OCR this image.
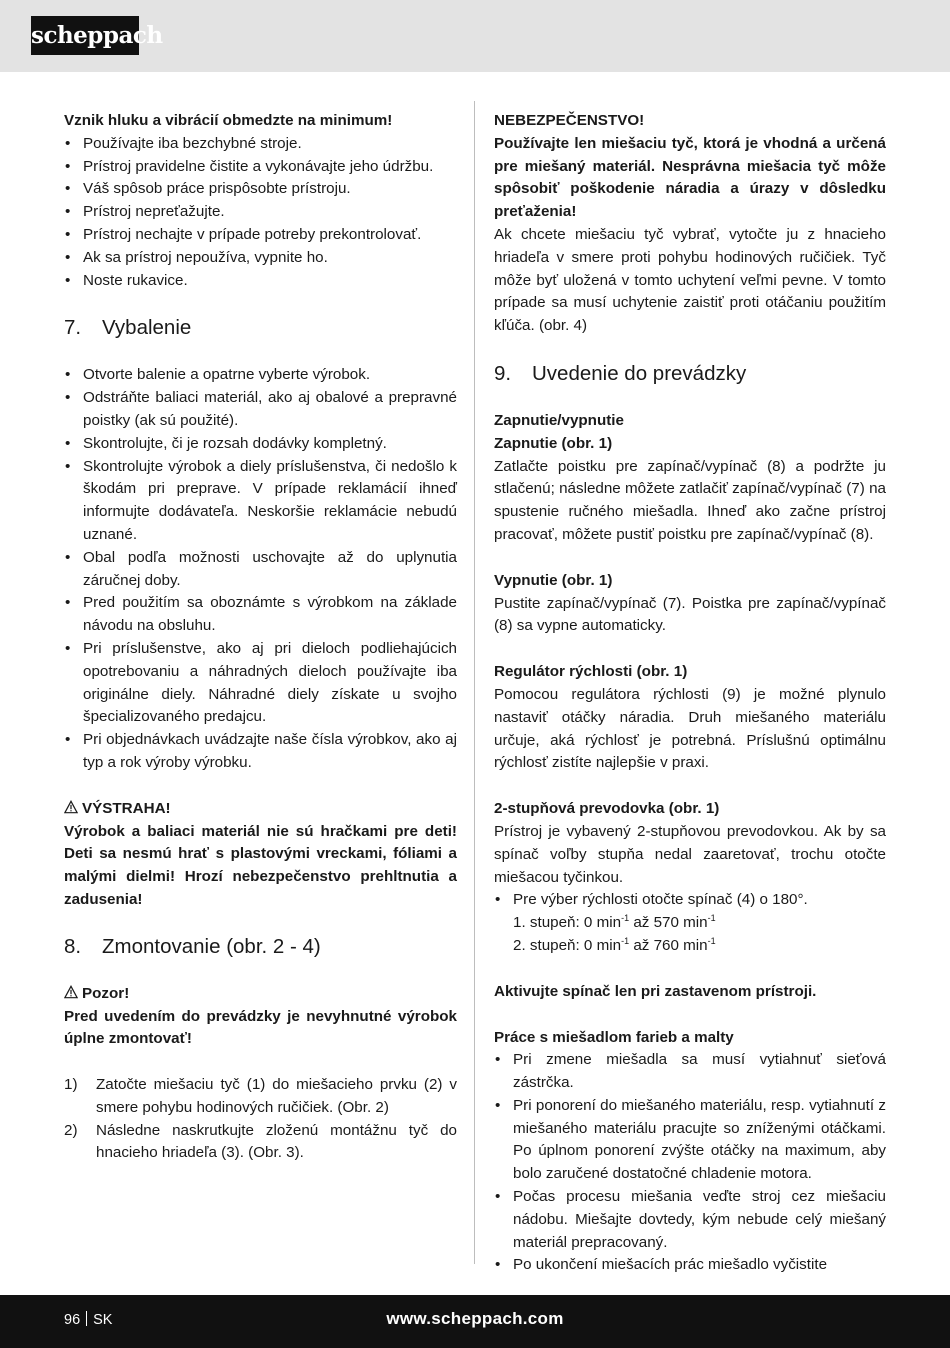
scheppach

Vznik hluku a vibrácií obmedzte na minimum!

• Používajte iba bezchybné stroje.
• Prístroj pravidelne čistite a vykonávajte jeho údržbu.
• Váš spôsob práce prispôsobte prístroju.
• Prístroj nepreťažujte.
• Prístroj nechajte v prípade potreby prekontrolovať.
• Ak sa prístroj nepoužíva, vypnite ho.
• Noste rukavice.
7. Vybalenie
• Otvorte balenie a opatrne vyberte výrobok.
• Odstráňte baliaci materiál, ako aj obalové a prepravné poistky (ak sú použité).
• Skontrolujte, či je rozsah dodávky kompletný.
• Skontrolujte výrobok a diely príslušenstva, či nedošlo k škodám pri preprave. V prípade reklamácií ihneď informujte dodávateľa. Neskoršie reklamácie nebudú uznané.
• Obal podľa možnosti uschovajte až do uplynutia záručnej doby.
• Pred použitím sa oboznámte s výrobkom na základe návodu na obsluhu.
• Pri príslušenstve, ako aj pri dieloch podliehajúcich opotrebovaniu a náhradných dieloch používajte iba originálne diely. Náhradné diely získate u svojho špecializovaného predajcu.
• Pri objednávkach uvádzajte naše čísla výrobkov, ako aj typ a rok výroby výrobku.

VÝSTRAHA!

Výrobok a baliaci materiál nie sú hračkami pre deti! Deti sa nesmú hrať s plastovými vreckami, fóliami a malými dielmi! Hrozí nebezpečenstvo prehltnutia a zadusenia!

8. Zmontovanie (obr. 2 - 4)

Pozor!

Pred uvedením do prevádzky je nevyhnutné výrobok úplne zmontovať!

1) Zatočte miešaciu tyč (1) do miešacieho prvku (2) v smere pohybu hodinových ručičiek. (Obr. 2)
2) Následne naskrutkujte zloženú montážnu tyč do hnacieho hriadeľa (3). (Obr. 3).

NEBEZPEČENSTVO!

Používajte len miešaciu tyč, ktorá je vhodná a určená pre miešaný materiál. Nesprávna miešacia tyč môže spôsobiť poškodenie náradia a úrazy v dôsledku preťaženia!

Ak chcete miešaciu tyč vybrať, vytočte ju z hnacieho hriadeľa v smere proti pohybu hodinových ručičiek. Tyč môže byť uložená v tomto uchytení veľmi pevne. V tomto prípade sa musí uchytenie zaistiť proti otáčaniu použitím kľúča. (obr. 4)

9. Uvedenie do prevádzky

Zapnutie/vypnutie

Zapnutie (obr. 1)

Zatlačte poistku pre zapínač/vypínač (8) a podržte ju stlačenú; následne môžete zatlačiť zapínač/vypínač (7) na spustenie ručného miešadla. Ihneď ako začne prístroj pracovať, môžete pustiť poistku pre zapínač/vypínač (8).

Vypnutie (obr. 1)

Pustite zapínač/vypínač (7). Poistka pre zapínač/vypínač (8) sa vypne automaticky.

Regulátor rýchlosti (obr. 1)

Pomocou regulátora rýchlosti (9) je možné plynulo nastaviť otáčky náradia. Druh miešaného materiálu určuje, aká rýchlosť je potrebná. Príslušnú optimálnu rýchlosť zistíte najlepšie v praxi.

2-stupňová prevodovka (obr. 1)

Prístroj je vybavený 2-stupňovou prevodovkou. Ak by sa spínač voľby stupňa nedal zaaretovať, trochu otočte miešacou tyčinkou.

• Pre výber rýchlosti otočte spínač (4) o 180°.
1. stupeň: 0 $\min^{-1}$ až 570 $\min^{-1}$
2. stupeň: 0 $\min^{-1}$ až 760 $\min^{-1}$

Aktivujte spínač len pri zastavenom prístroji.

Práce s miešadlom farieb a malty

• Pri zmene miešadla sa musí vytiahnuť sieťová zástrčka.
• Pri ponorení do miešaného materiálu, resp. vytiahnutí z miešaného materiálu pracujte so zníženými otáčkami. Po úplnom ponorení zvýšte otáčky na maximum, aby bolo zaručené dostatočné chladenie motora.
• Počas procesu miešania veďte stroj cez miešaciu nádobu. Miešajte dovtedy, kým nebude celý miešaný materiál prepracovaný.
• Po ukončení miešacích prác miešadlo vyčistite
96 SK	www.scheppach.com
